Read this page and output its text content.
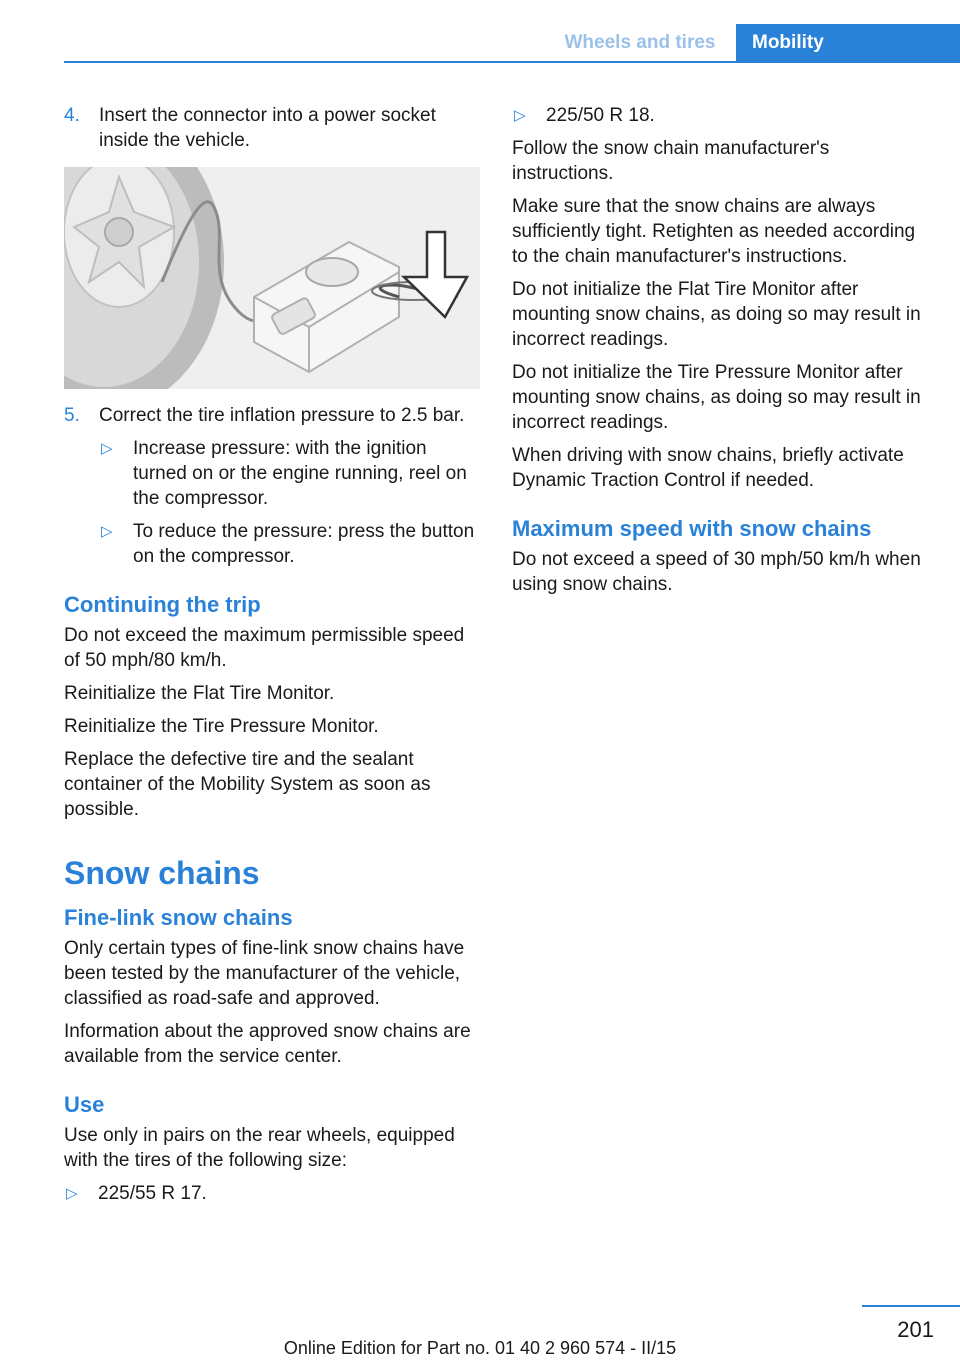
Wheels and tires	Mobility
4. Insert the connector into a power socket inside the vehicle.
5. Correct the tire inflation pressure to 2.5 bar.
▷ Increase pressure: with the ignition turned on or the engine running, reel on the compressor.
▷ To reduce the pressure: press the button on the compressor.
Continuing the trip
Do not exceed the maximum permissible speed of 50 mph/80 km/h.
Reinitialize the Flat Tire Monitor.
Reinitialize the Tire Pressure Monitor.
Replace the defective tire and the sealant container of the Mobility System as soon as possible.
Snow chains
Fine-link snow chains
Only certain types of fine-link snow chains have been tested by the manufacturer of the vehicle, classified as road-safe and approved.
Information about the approved snow chains are available from the service center.
Use
Use only in pairs on the rear wheels, equipped with the tires of the following size:
▷ 225/55 R 17.
▷ 225/50 R 18.
Follow the snow chain manufacturer's instructions.
Make sure that the snow chains are always sufficiently tight. Retighten as needed according to the chain manufacturer's instructions.
Do not initialize the Flat Tire Monitor after mounting snow chains, as doing so may result in incorrect readings.
Do not initialize the Tire Pressure Monitor after mounting snow chains, as doing so may result in incorrect readings.
When driving with snow chains, briefly activate Dynamic Traction Control if needed.
Maximum speed with snow chains
Do not exceed a speed of 30 mph/50 km/h when using snow chains.
201
Online Edition for Part no. 01 40 2 960 574 - II/15
